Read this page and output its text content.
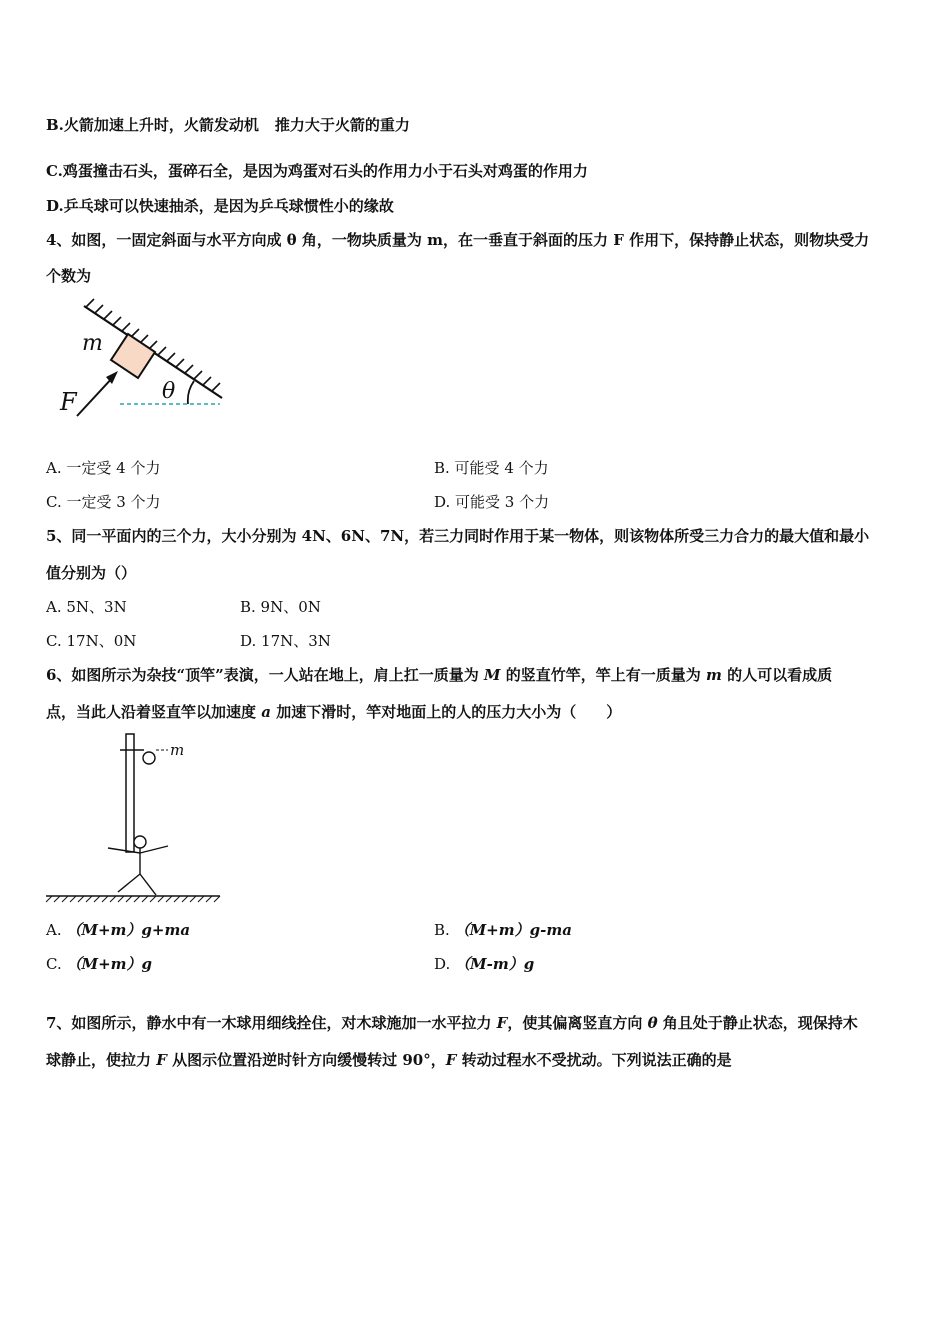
B.火箭加速上升时，火箭发动机 推力大于火箭的重力
C.鸡蛋撞击石头，蛋碎石全，是因为鸡蛋对石头的作用力小于石头对鸡蛋的作用力
D.乒乓球可以快速抽杀，是因为乒乓球惯性小的缘故
4、如图，一固定斜面与水平方向成 θ 角，一物块质量为 m，在一垂直于斜面的压力 F 作用下，保持静止状态，则物块受力
个数为
m
F	θ
A. 一定受 4 个力	B. 可能受 4 个力
C. 一定受 3 个力	D. 可能受 3 个力
5、同一平面内的三个力，大小分别为 4N、6N、7N，若三力同时作用于某一物体，则该物体所受三力合力的最大值和最小
值分别为（）
A. 5N、3N	B. 9N、0N
C. 17N、0N	D. 17N、3N
6、如图所示为杂技“顶竿”表演，一人站在地上，肩上扛一质量为 M 的竖直竹竿，竿上有一质量为 m 的人可以看成质
点，当此人沿着竖直竿以加速度 a 加速下滑时，竿对地面上的人的压力大小为（　　）
m
A. （M+m）g+ma	B. （M+m）g-ma
C. （M+m）g	D. （M-m）g
7、如图所示，静水中有一木球用细线拴住，对木球施加一水平拉力 F，使其偏离竖直方向 θ 角且处于静止状态，现保持木
球静止，使拉力 F 从图示位置沿逆时针方向缓慢转过 90°，F 转动过程水不受扰动。下列说法正确的是
